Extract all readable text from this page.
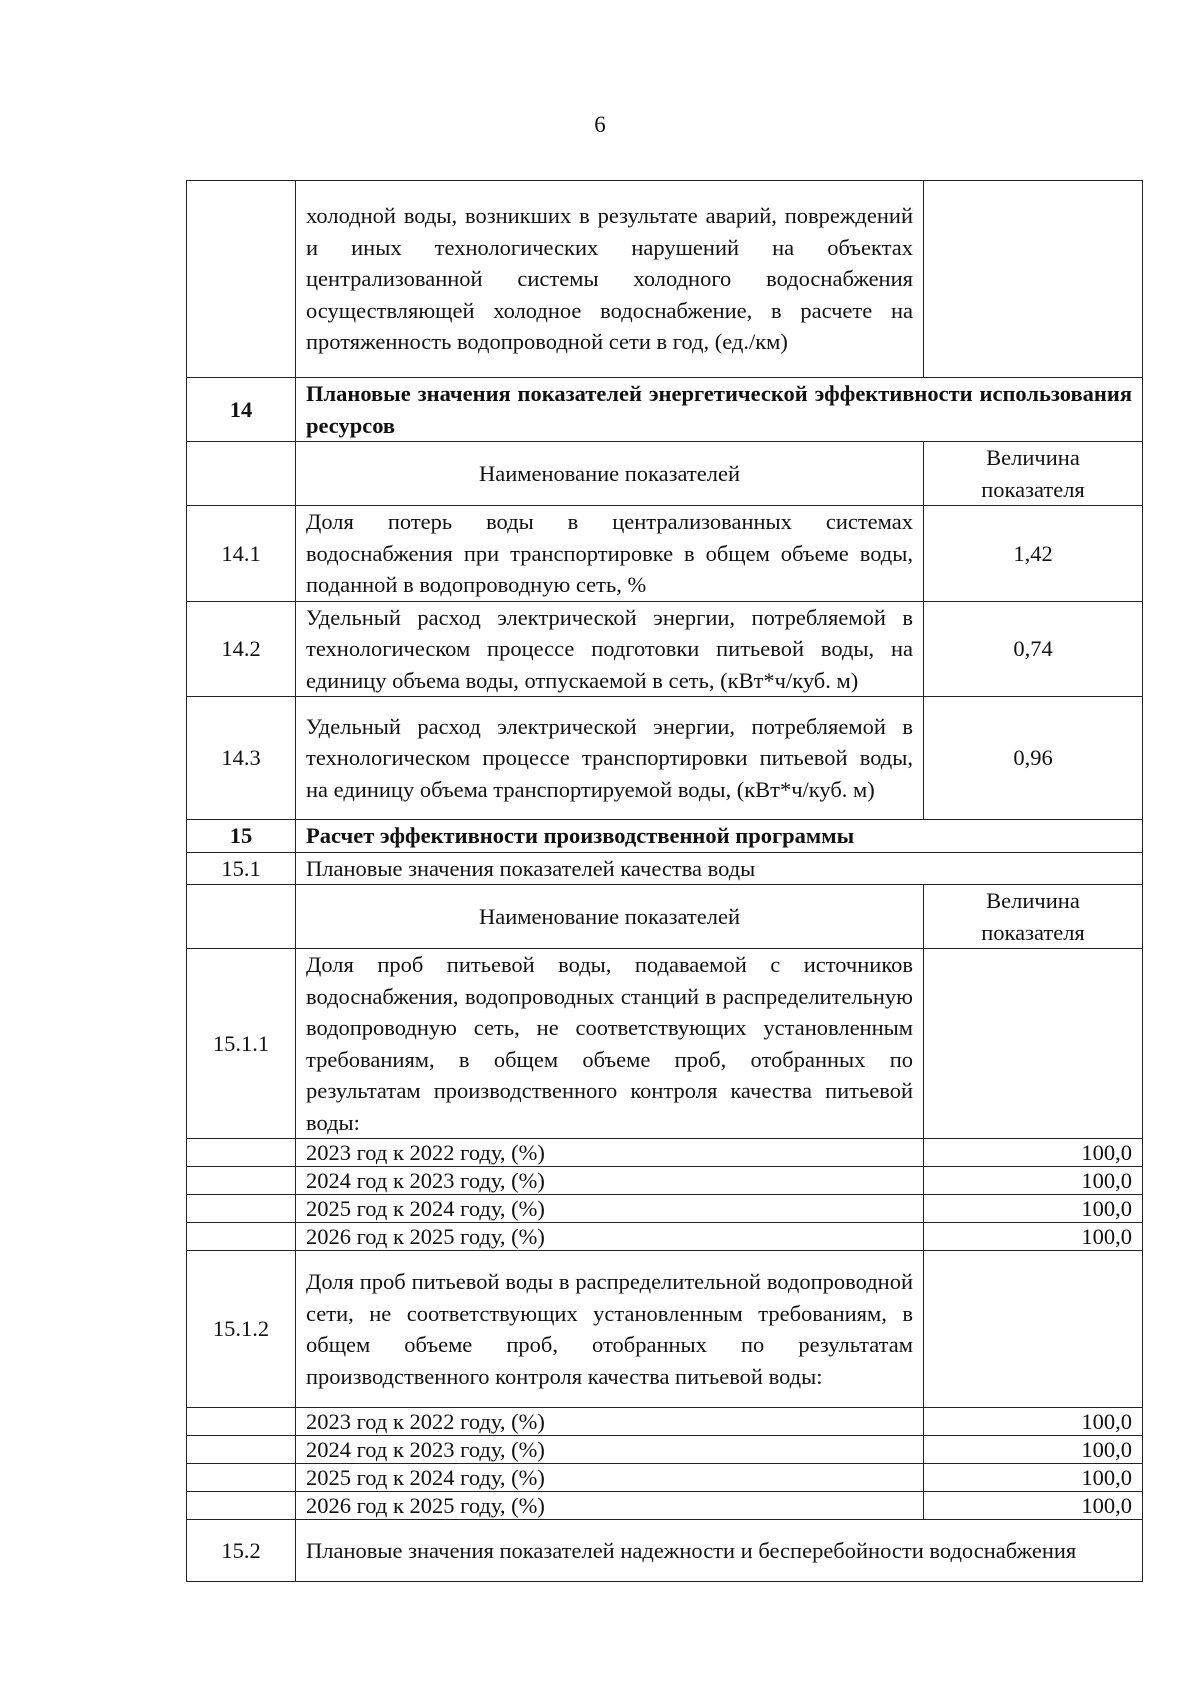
6
	холодной воды, возникших в результате аварий, повреждений и иных технологических нарушений на объектах централизованной системы холодного водоснабжения осуществляющей холодное водоснабжение, в расчете на протяженность водопроводной сети в год, (ед./км)	
14	Плановые значения показателей энергетической эффективности использования ресурсов	
	Наименование показателей	Величина показателя
14.1	Доля потерь воды в централизованных системах водоснабжения при транспортировке в общем объеме воды, поданной в водопроводную сеть, %	1,42
14.2	Удельный расход электрической энергии, потребляемой в технологическом процессе подготовки питьевой воды, на единицу объема воды, отпускаемой в сеть, (кВт*ч/куб. м)	0,74
14.3	Удельный расход электрической энергии, потребляемой в технологическом процессе транспортировки питьевой воды, на единицу объема транспортируемой воды, (кВт*ч/куб. м)	0,96
15	Расчет эффективности производственной программы	
15.1	Плановые значения показателей качества воды	
	Наименование показателей	Величина показателя
15.1.1	Доля проб питьевой воды, подаваемой с источников водоснабжения, водопроводных станций в распределительную водопроводную сеть, не соответствующих установленным требованиям, в общем объеме проб, отобранных по результатам производственного контроля качества питьевой воды:	
	2023 год к 2022 году, (%)	100,0
	2024 год к 2023 году, (%)	100,0
	2025 год к 2024 году, (%)	100,0
	2026 год к 2025 году, (%)	100,0
15.1.2	Доля проб питьевой воды в распределительной водопроводной сети, не соответствующих установленным требованиям, в общем объеме проб, отобранных по результатам производственного контроля качества питьевой воды:	
	2023 год к 2022 году, (%)	100,0
	2024 год к 2023 году, (%)	100,0
	2025 год к 2024 году, (%)	100,0
	2026 год к 2025 году, (%)	100,0
15.2	Плановые значения показателей надежности и бесперебойности водоснабжения	
